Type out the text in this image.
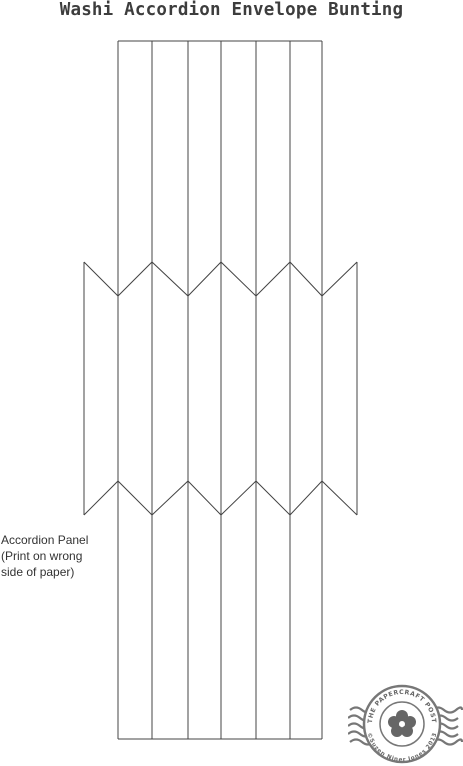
Washi Accordion Envelope Bunting
Accordion Panel
(Print on wrong
side of paper)
THE PAPERCRAFT POST
©Suzen Niner Jones 2013
